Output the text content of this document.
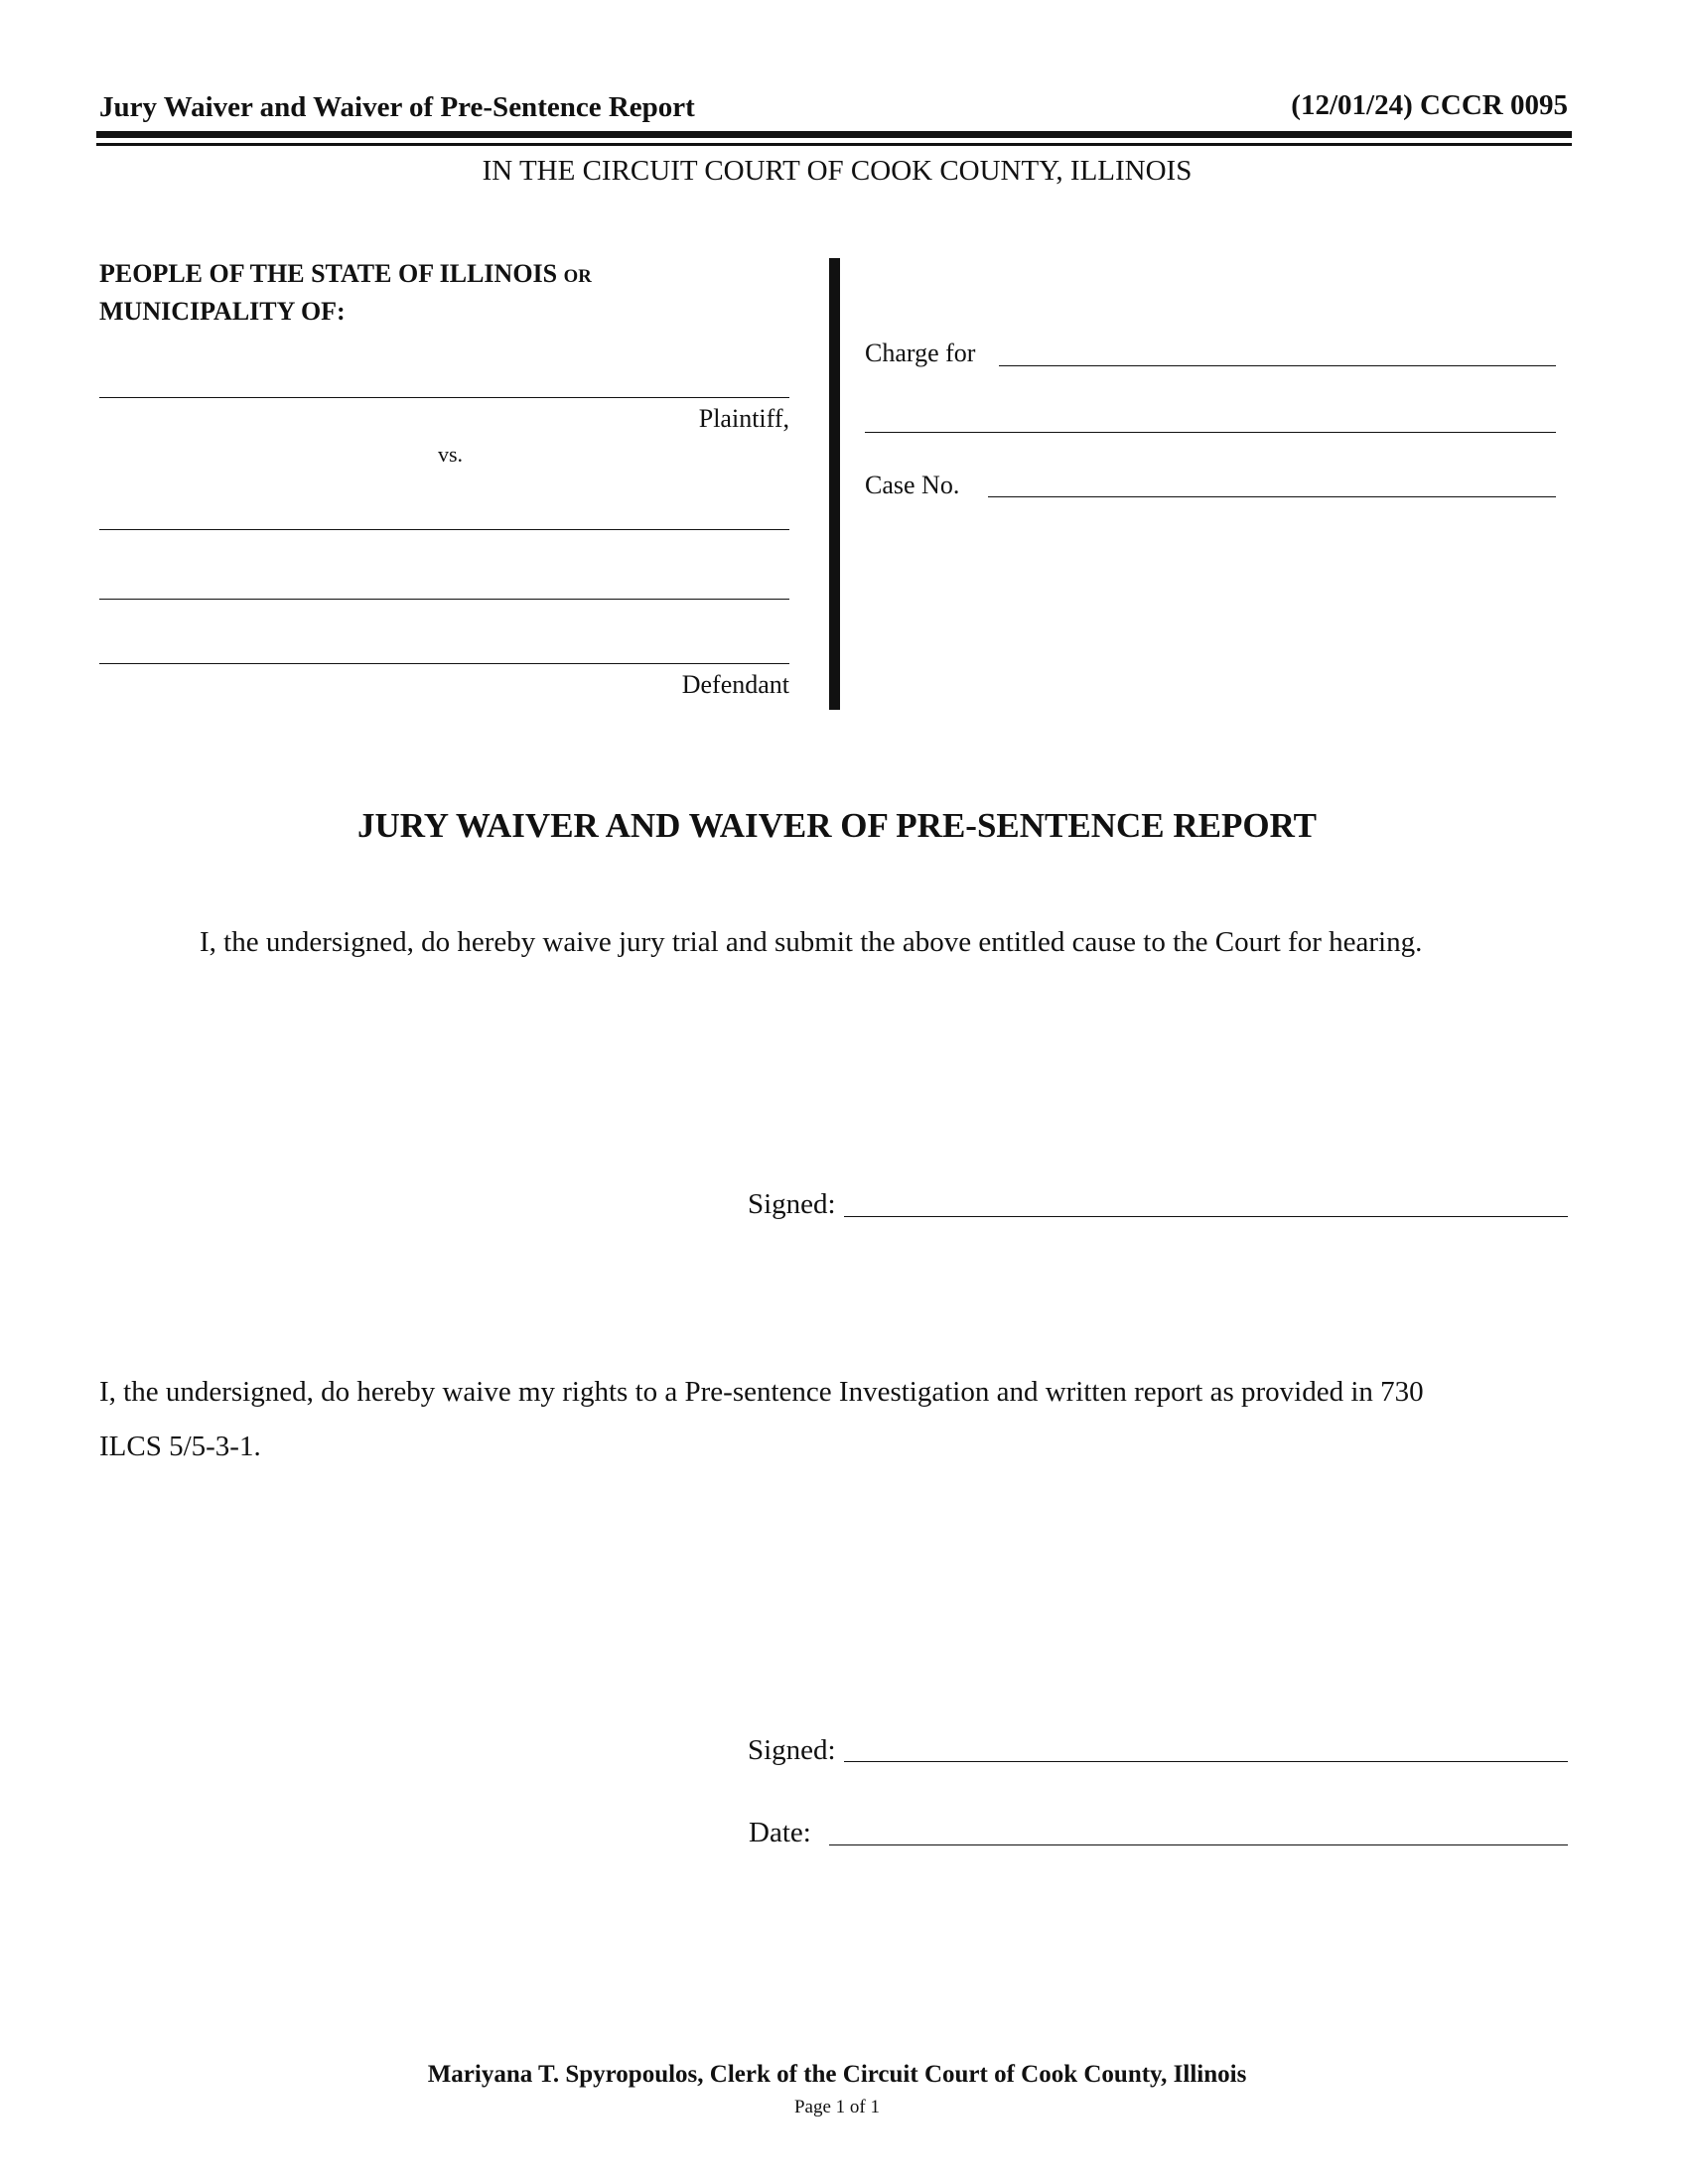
Jury Waiver and Waiver of Pre-Sentence Report	(12/01/24) CCCR 0095
IN THE CIRCUIT COURT OF COOK COUNTY, ILLINOIS
PEOPLE OF THE STATE OF ILLINOIS OR
MUNICIPALITY OF:
Plaintiff,
vs.
Defendant
Charge for
Case No.
JURY WAIVER AND WAIVER OF PRE-SENTENCE REPORT
I, the undersigned, do hereby waive jury trial and submit the above entitled cause to the Court for hearing.
Signed:
I, the undersigned, do hereby waive my rights to a Pre-sentence Investigation and written report as provided in 730
ILCS 5/5-3-1.
Signed:
Date:
Mariyana T. Spyropoulos, Clerk of the Circuit Court of Cook County, Illinois
Page 1 of 1
